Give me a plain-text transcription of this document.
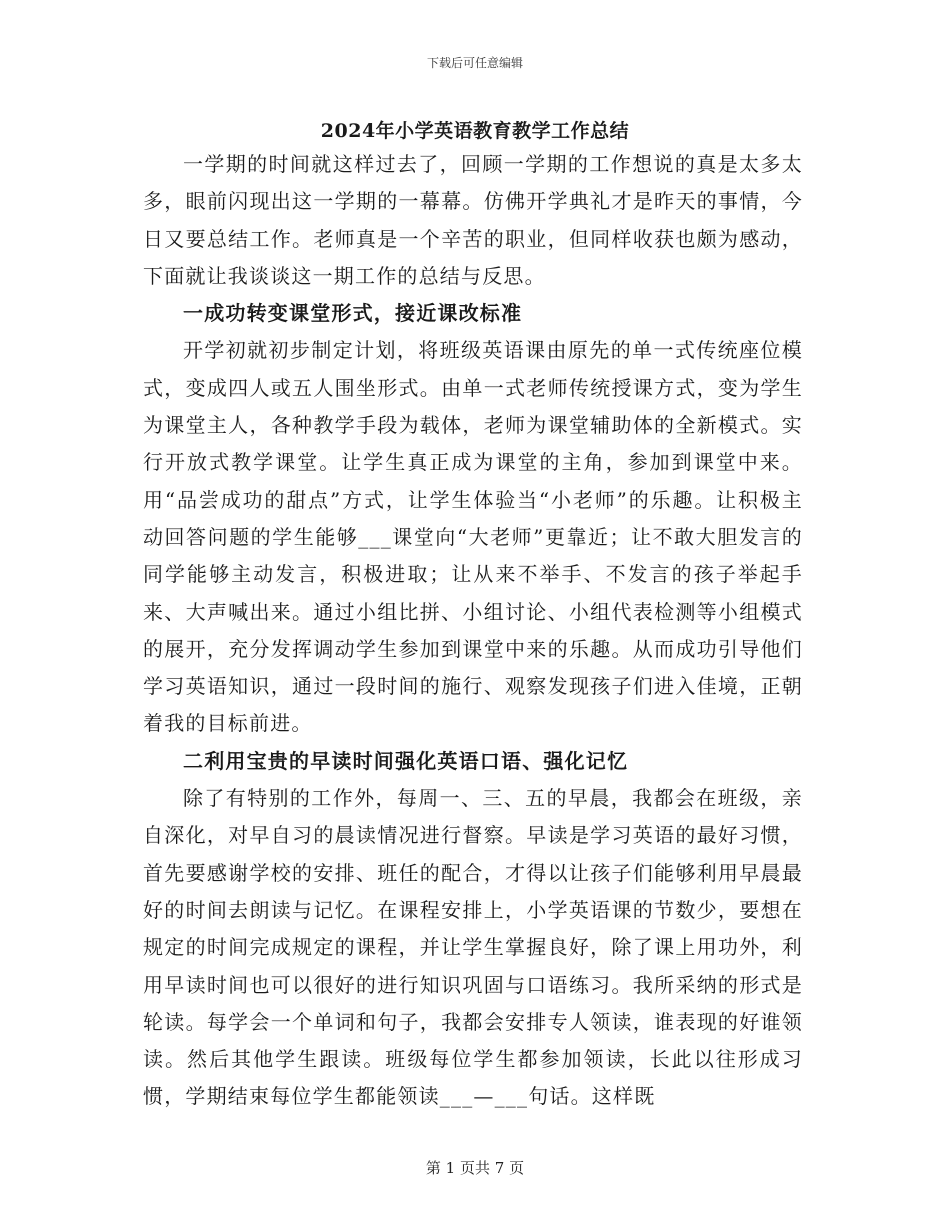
下载后可任意编辑
2024年小学英语教育教学工作总结

一学期的时间就这样过去了，回顾一学期的工作想说的真是太多太多，眼前闪现出这一学期的一幕幕。仿佛开学典礼才是昨天的事情，今日又要总结工作。老师真是一个辛苦的职业，但同样收获也颇为感动，下面就让我谈谈这一期工作的总结与反思。

一成功转变课堂形式，接近课改标准

开学初就初步制定计划，将班级英语课由原先的单一式传统座位模式，变成四人或五人围坐形式。由单一式老师传统授课方式，变为学生为课堂主人，各种教学手段为载体，老师为课堂辅助体的全新模式。实行开放式教学课堂。让学生真正成为课堂的主角，参加到课堂中来。用“品尝成功的甜点”方式，让学生体验当“小老师”的乐趣。让积极主动回答问题的学生能够___课堂向“大老师”更靠近；让不敢大胆发言的同学能够主动发言，积极进取；让从来不举手、不发言的孩子举起手来、大声喊出来。通过小组比拼、小组讨论、小组代表检测等小组模式的展开，充分发挥调动学生参加到课堂中来的乐趣。从而成功引导他们学习英语知识，通过一段时间的施行、观察发现孩子们进入佳境，正朝着我的目标前进。

二利用宝贵的早读时间强化英语口语、强化记忆

除了有特别的工作外，每周一、三、五的早晨，我都会在班级，亲自深化，对早自习的晨读情况进行督察。早读是学习英语的最好习惯，首先要感谢学校的安排、班任的配合，才得以让孩子们能够利用早晨最好的时间去朗读与记忆。在课程安排上，小学英语课的节数少，要想在规定的时间完成规定的课程，并让学生掌握良好，除了课上用功外，利用早读时间也可以很好的进行知识巩固与口语练习。我所采纳的形式是轮读。每学会一个单词和句子，我都会安排专人领读，谁表现的好谁领读。然后其他学生跟读。班级每位学生都参加领读，长此以往形成习惯，学期结束每位学生都能领读___—___句话。这样既

第 1 页共 7 页
